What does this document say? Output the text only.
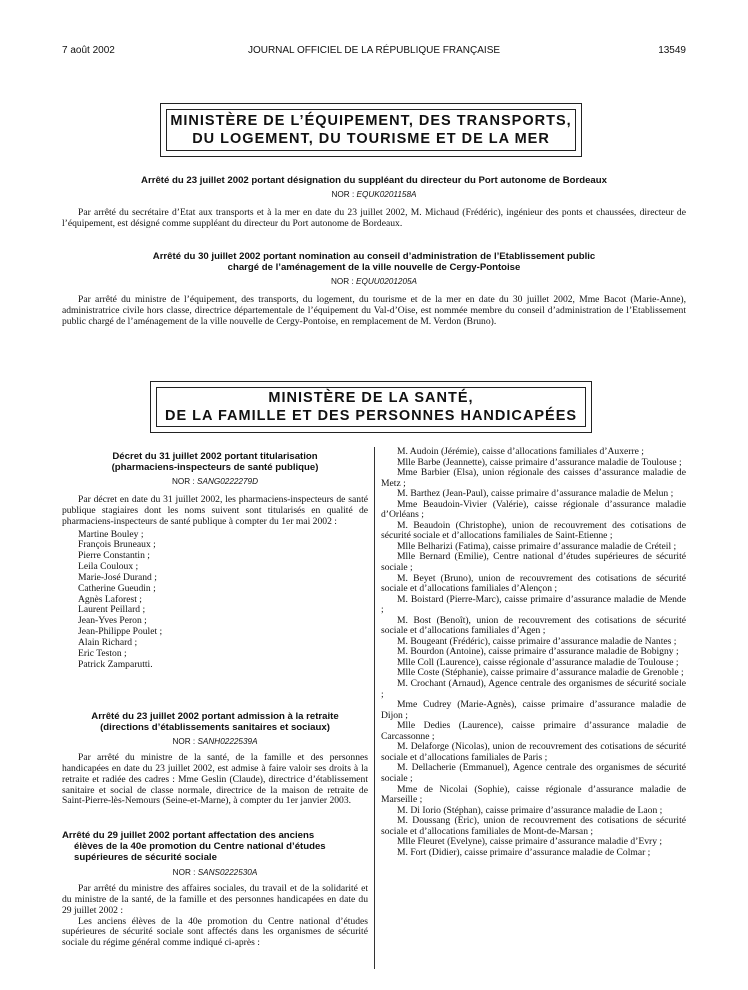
7 août 2002	JOURNAL OFFICIEL DE LA RÉPUBLIQUE FRANÇAISE	13549
MINISTÈRE DE L’ÉQUIPEMENT, DES TRANSPORTS,
DU LOGEMENT, DU TOURISME ET DE LA MER
Arrêté du 23 juillet 2002 portant désignation du suppléant du directeur du Port autonome de Bordeaux
NOR : EQUK0201158A

Par arrêté du secrétaire d’Etat aux transports et à la mer en date du 23 juillet 2002, M. Michaud (Frédéric), ingénieur des ponts et chaussées, directeur de l’équipement, est désigné comme suppléant du directeur du Port autonome de Bordeaux.

Arrêté du 30 juillet 2002 portant nomination au conseil d’administration de l’Etablissement public
chargé de l’aménagement de la ville nouvelle de Cergy-Pontoise
NOR : EQUU0201205A

Par arrêté du ministre de l’équipement, des transports, du logement, du tourisme et de la mer en date du 30 juillet 2002, Mme Bacot (Marie-Anne), administratrice civile hors classe, directrice départementale de l’équipement du Val-d’Oise, est nommée membre du conseil d’administration de l’Etablissement public chargé de l’aménagement de la ville nouvelle de Cergy-Pontoise, en remplacement de M. Verdon (Bruno).

MINISTÈRE DE LA SANTÉ,
DE LA FAMILLE ET DES PERSONNES HANDICAPÉES
Décret du 31 juillet 2002 portant titularisation
(pharmaciens-inspecteurs de santé publique)
NOR : SANG0222279D

Par décret en date du 31 juillet 2002, les pharmaciens-inspecteurs de santé publique stagiaires dont les noms suivent sont titularisés en qualité de pharmaciens-inspecteurs de santé publique à compter du 1er mai 2002 :

Martine Bouley ;
François Bruneaux ;
Pierre Constantin ;
Leila Couloux ;
Marie-José Durand ;
Catherine Gueudin ;
Agnès Laforest ;
Laurent Peillard ;
Jean-Yves Peron ;
Jean-Philippe Poulet ;
Alain Richard ;
Eric Teston ;
Patrick Zamparutti.
Arrêté du 23 juillet 2002 portant admission à la retraite
(directions d’établissements sanitaires et sociaux)
NOR : SANH0222539A

Par arrêté du ministre de la santé, de la famille et des personnes handicapées en date du 23 juillet 2002, est admise à faire valoir ses droits à la retraite et radiée des cadres : Mme Geslin (Claude), directrice d’établissement sanitaire et social de classe normale, directrice de la maison de retraite de Saint-Pierre-lès-Nemours (Seine-et-Marne), à compter du 1er janvier 2003.

Arrêté du 29 juillet 2002 portant affectation des anciens
élèves de la 40e promotion du Centre national d’études
supérieures de sécurité sociale
NOR : SANS0222530A

Par arrêté du ministre des affaires sociales, du travail et de la solidarité et du ministre de la santé, de la famille et des personnes handicapées en date du 29 juillet 2002 :

Les anciens élèves de la 40e promotion du Centre national d’études supérieures de sécurité sociale sont affectés dans les organismes de sécurité sociale du régime général comme indiqué ci-après :

M. Audoin (Jérémie), caisse d’allocations familiales d’Auxerre ;

Mlle Barbe (Jeannette), caisse primaire d’assurance maladie de Toulouse ;

Mme Barbier (Elsa), union régionale des caisses d’assurance maladie de Metz ;

M. Barthez (Jean-Paul), caisse primaire d’assurance maladie de Melun ;

Mme Beaudoin-Vivier (Valérie), caisse régionale d’assurance maladie d’Orléans ;

M. Beaudoin (Christophe), union de recouvrement des cotisations de sécurité sociale et d’allocations familiales de Saint-Etienne ;

Mlle Belharizi (Fatima), caisse primaire d’assurance maladie de Créteil ;

Mlle Bernard (Emilie), Centre national d’études supérieures de sécurité sociale ;

M. Beyet (Bruno), union de recouvrement des cotisations de sécurité sociale et d’allocations familiales d’Alençon ;

M. Boistard (Pierre-Marc), caisse primaire d’assurance maladie de Mende ;

M. Bost (Benoît), union de recouvrement des cotisations de sécurité sociale et d’allocations familiales d’Agen ;

M. Bougeant (Frédéric), caisse primaire d’assurance maladie de Nantes ;

M. Bourdon (Antoine), caisse primaire d’assurance maladie de Bobigny ;

Mlle Coll (Laurence), caisse régionale d’assurance maladie de Toulouse ;

Mlle Coste (Stéphanie), caisse primaire d’assurance maladie de Grenoble ;

M. Crochant (Arnaud), Agence centrale des organismes de sécurité sociale ;

Mme Cudrey (Marie-Agnès), caisse primaire d’assurance maladie de Dijon ;

Mlle Dedies (Laurence), caisse primaire d’assurance maladie de Carcassonne ;

M. Delaforge (Nicolas), union de recouvrement des cotisations de sécurité sociale et d’allocations familiales de Paris ;

M. Dellacherie (Emmanuel), Agence centrale des organismes de sécurité sociale ;

Mme de Nicolai (Sophie), caisse régionale d’assurance maladie de Marseille ;

M. Di Iorio (Stéphan), caisse primaire d’assurance maladie de Laon ;

M. Doussang (Eric), union de recouvrement des cotisations de sécurité sociale et d’allocations familiales de Mont-de-Marsan ;

Mlle Fleuret (Evelyne), caisse primaire d’assurance maladie d’Evry ;

M. Fort (Didier), caisse primaire d’assurance maladie de Colmar ;
